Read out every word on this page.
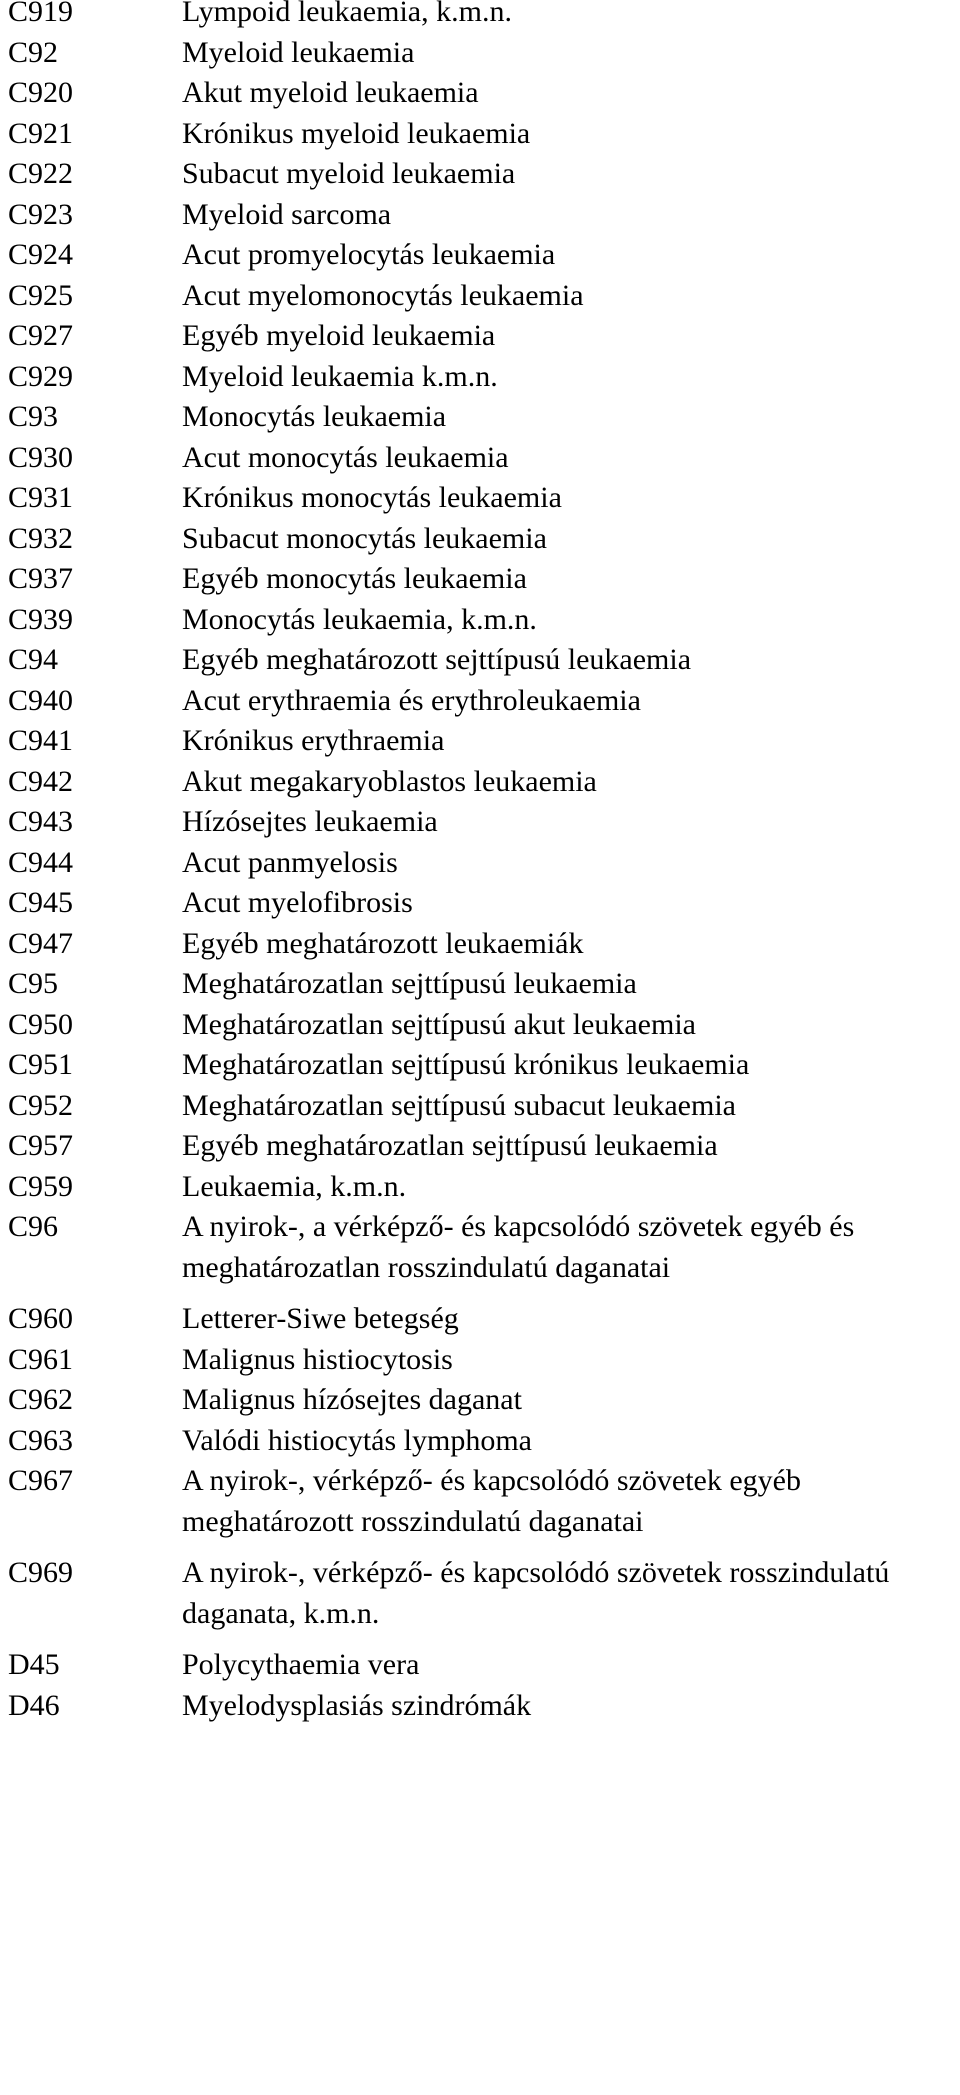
C919	Lympoid leukaemia, k.m.n.
C92	Myeloid leukaemia
C920	Akut myeloid leukaemia
C921	Krónikus myeloid leukaemia
C922	Subacut myeloid leukaemia
C923	Myeloid sarcoma
C924	Acut promyelocytás leukaemia
C925	Acut myelomonocytás leukaemia
C927	Egyéb myeloid leukaemia
C929	Myeloid leukaemia k.m.n.
C93	Monocytás leukaemia
C930	Acut monocytás leukaemia
C931	Krónikus monocytás leukaemia
C932	Subacut monocytás leukaemia
C937	Egyéb monocytás leukaemia
C939	Monocytás leukaemia, k.m.n.
C94	Egyéb meghatározott sejttípusú leukaemia
C940	Acut erythraemia és erythroleukaemia
C941	Krónikus erythraemia
C942	Akut megakaryoblastos leukaemia
C943	Hízósejtes leukaemia
C944	Acut panmyelosis
C945	Acut myelofibrosis
C947	Egyéb meghatározott leukaemiák
C95	Meghatározatlan sejttípusú leukaemia
C950	Meghatározatlan sejttípusú akut leukaemia
C951	Meghatározatlan sejttípusú krónikus leukaemia
C952	Meghatározatlan sejttípusú subacut leukaemia
C957	Egyéb meghatározatlan sejttípusú leukaemia
C959	Leukaemia, k.m.n.
C96	A nyirok-, a vérképző- és kapcsolódó szövetek egyéb és meghatározatlan rosszindulatú daganatai
C960	Letterer-Siwe betegség
C961	Malignus histiocytosis
C962	Malignus hízósejtes daganat
C963	Valódi histiocytás lymphoma
C967	A nyirok-, vérképző- és kapcsolódó szövetek egyéb meghatározott rosszindulatú daganatai
C969	A nyirok-, vérképző- és kapcsolódó szövetek rosszindulatú daganata, k.m.n.
D45	Polycythaemia vera
D46	Myelodysplasiás szindrómák
